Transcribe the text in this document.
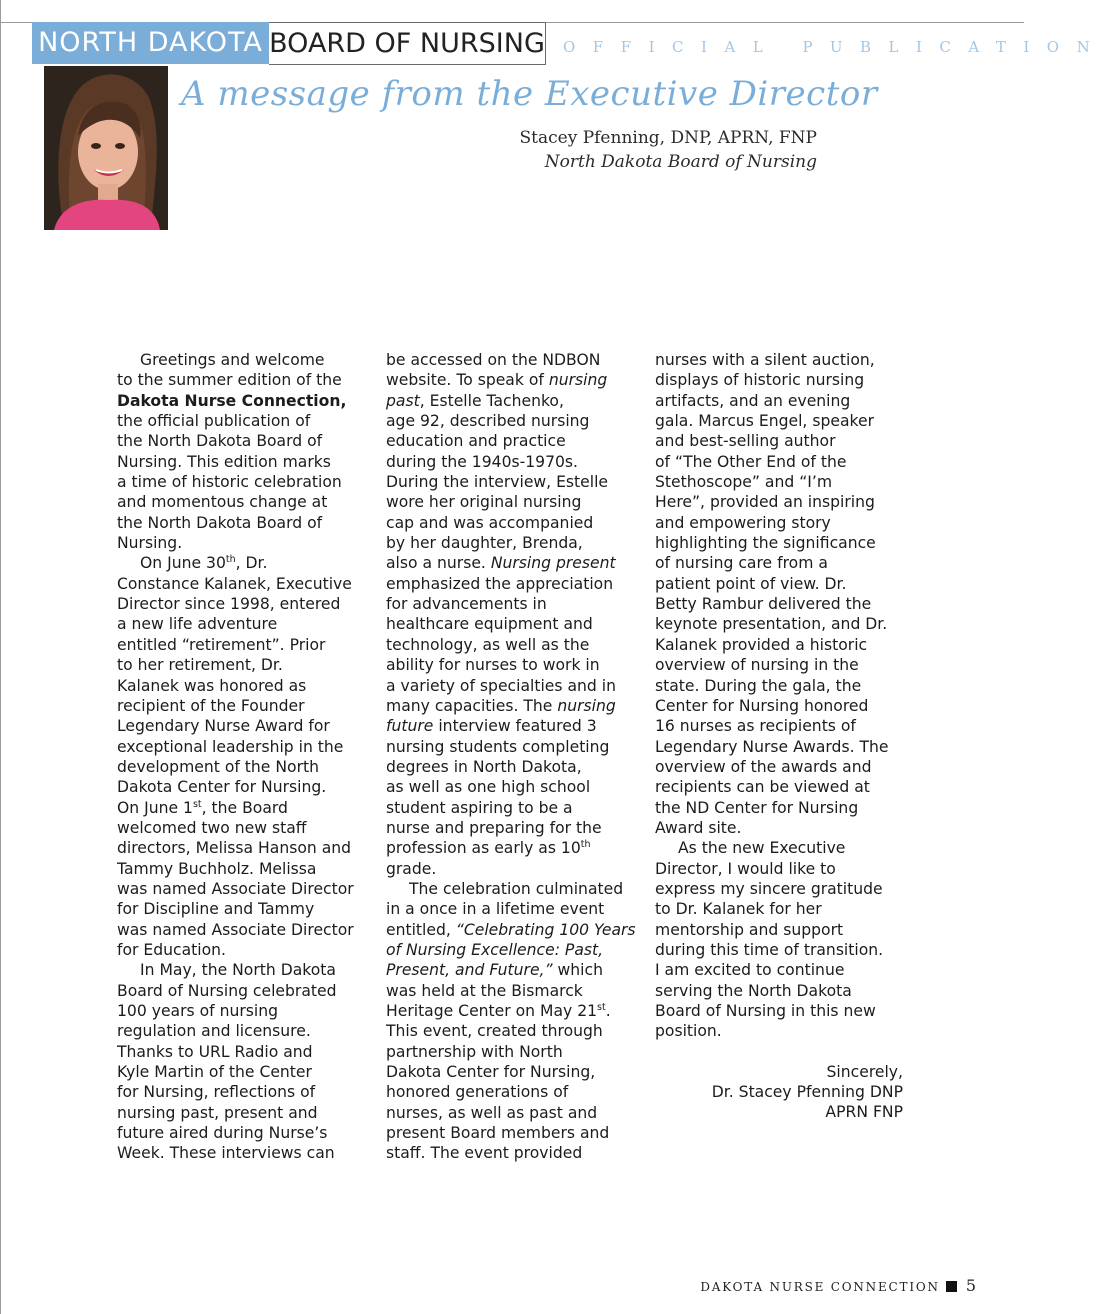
NORTH DAKOTA BOARD OF NURSING OFFICIAL PUBLICATION
A message from the Executive Director
Stacey Pfenning, DNP, APRN, FNP
North Dakota Board of Nursing

Greetings and welcome
to the summer edition of the
Dakota Nurse Connection,
the official publication of
the North Dakota Board of
Nursing. This edition marks
a time of historic celebration
and momentous change at
the North Dakota Board of
Nursing.

On June 30th, Dr.
Constance Kalanek, Executive
Director since 1998, entered
a new life adventure
entitled “retirement”. Prior
to her retirement, Dr.
Kalanek was honored as
recipient of the Founder
Legendary Nurse Award for
exceptional leadership in the
development of the North
Dakota Center for Nursing.
On June 1st, the Board
welcomed two new staff
directors, Melissa Hanson and
Tammy Buchholz. Melissa
was named Associate Director
for Discipline and Tammy
was named Associate Director
for Education.

In May, the North Dakota
Board of Nursing celebrated
100 years of nursing
regulation and licensure.
Thanks to URL Radio and
Kyle Martin of the Center
for Nursing, reflections of
nursing past, present and
future aired during Nurse’s
Week. These interviews can

be accessed on the NDBON
website. To speak of nursing
past, Estelle Tachenko,
age 92, described nursing
education and practice
during the 1940s-1970s.
During the interview, Estelle
wore her original nursing
cap and was accompanied
by her daughter, Brenda,
also a nurse. Nursing present
emphasized the appreciation
for advancements in
healthcare equipment and
technology, as well as the
ability for nurses to work in
a variety of specialties and in
many capacities. The nursing
future interview featured 3
nursing students completing
degrees in North Dakota,
as well as one high school
student aspiring to be a
nurse and preparing for the
profession as early as 10th
grade.

The celebration culminated
in a once in a lifetime event
entitled, “Celebrating 100 Years
of Nursing Excellence: Past,
Present, and Future,” which
was held at the Bismarck
Heritage Center on May 21st.
This event, created through
partnership with North
Dakota Center for Nursing,
honored generations of
nurses, as well as past and
present Board members and
staff. The event provided

nurses with a silent auction,
displays of historic nursing
artifacts, and an evening
gala. Marcus Engel, speaker
and best-selling author
of “The Other End of the
Stethoscope” and “I’m
Here”, provided an inspiring
and empowering story
highlighting the significance
of nursing care from a
patient point of view. Dr.
Betty Rambur delivered the
keynote presentation, and Dr.
Kalanek provided a historic
overview of nursing in the
state. During the gala, the
Center for Nursing honored
16 nurses as recipients of
Legendary Nurse Awards. The
overview of the awards and
recipients can be viewed at
the ND Center for Nursing
Award site.

As the new Executive
Director, I would like to
express my sincere gratitude
to Dr. Kalanek for her
mentorship and support
during this time of transition.
I am excited to continue
serving the North Dakota
Board of Nursing in this new
position.

Sincerely,
Dr. Stacey Pfenning DNP
APRN FNP

DAKOTA NURSE CONNECTION 5
